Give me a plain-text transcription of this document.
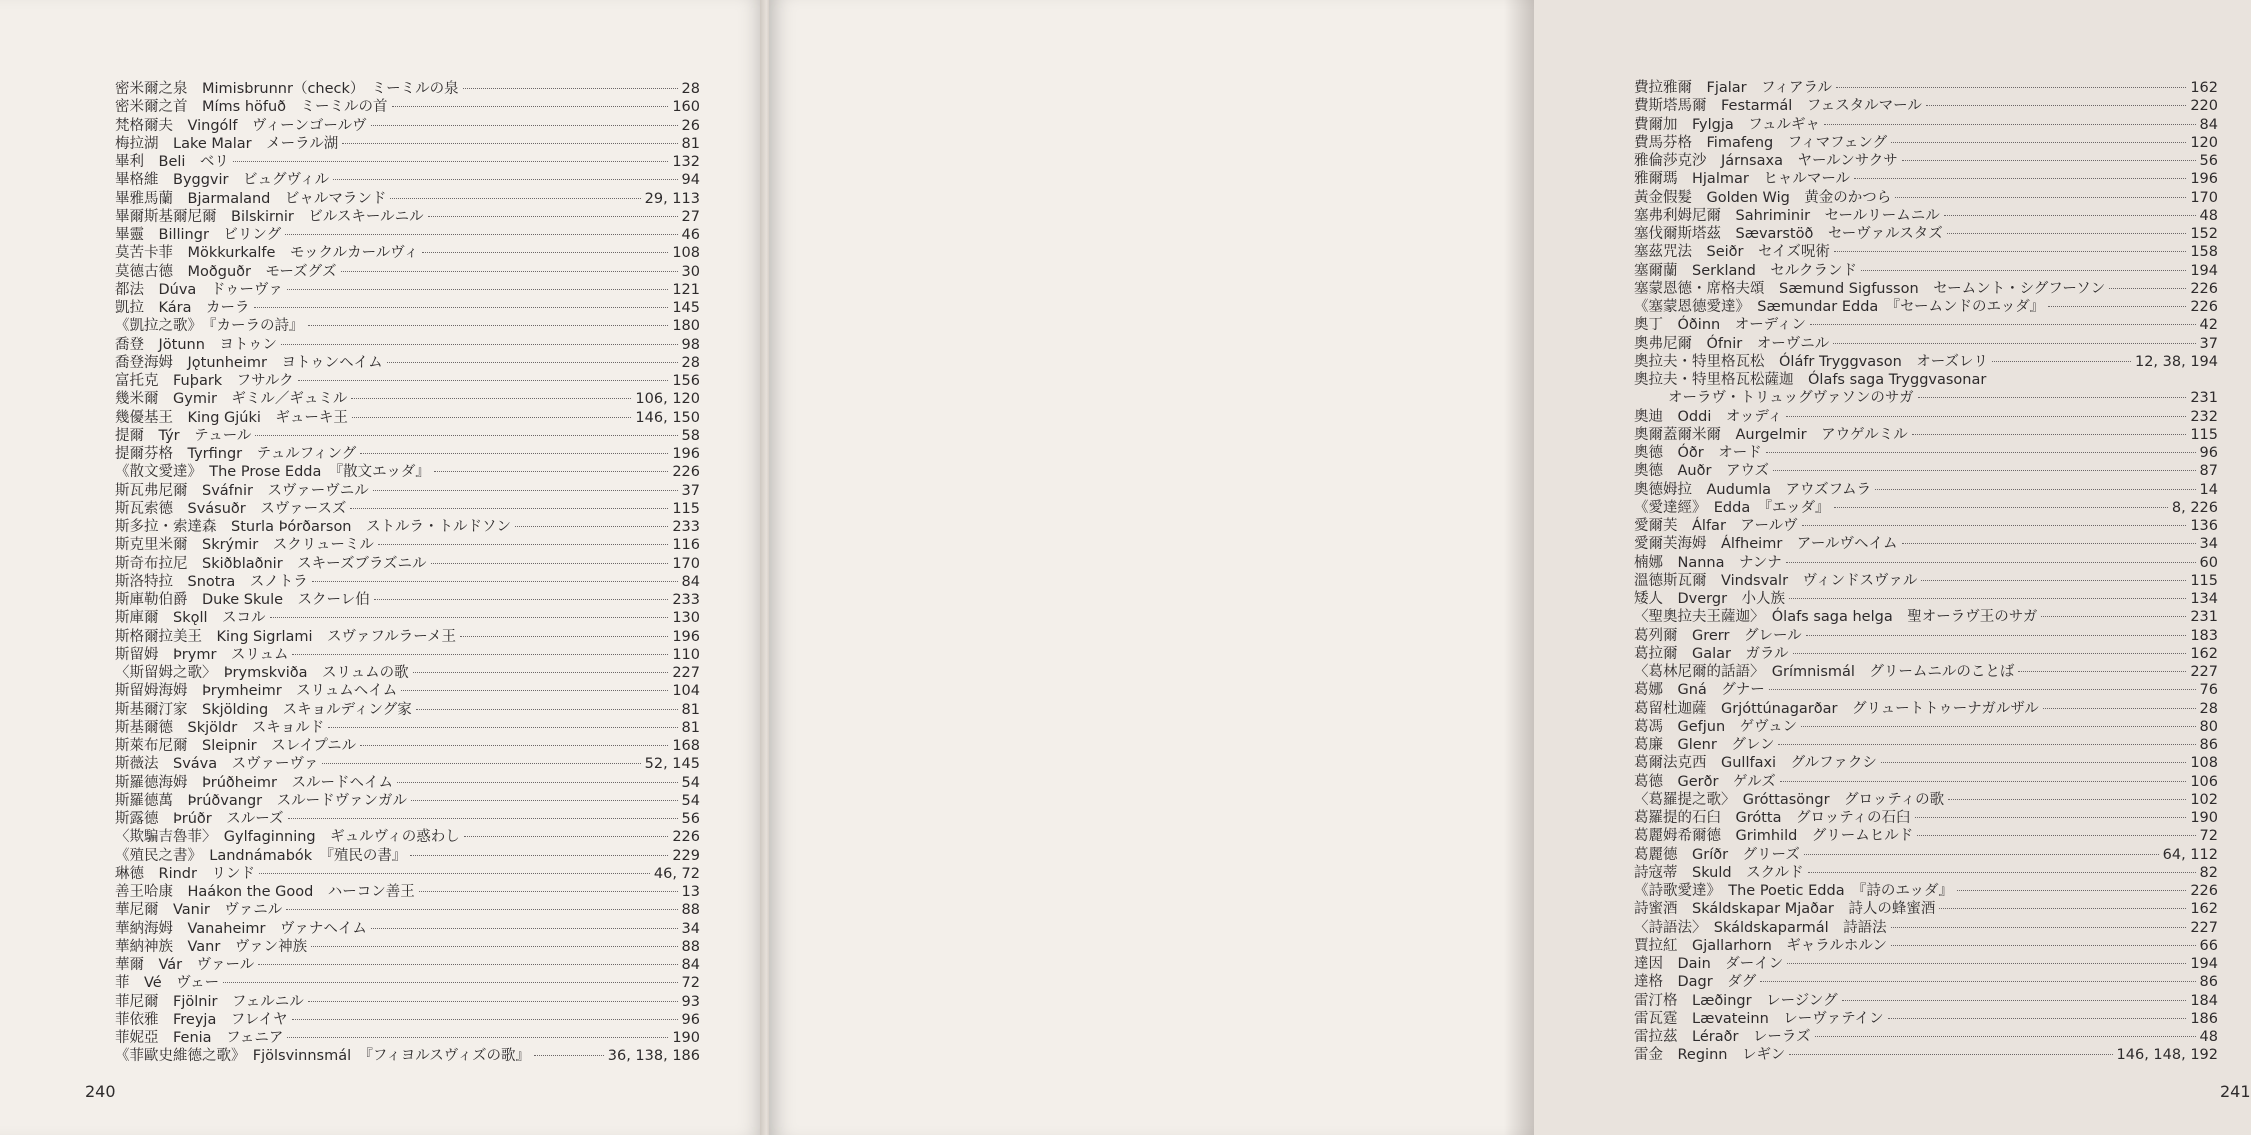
密米爾之泉　Mimisbrunnr（check）　ミーミルの泉	28
密米爾之首　Míms höfuð　ミーミルの首	160
梵格爾夫　Vingólf　ヴィーンゴールヴ	26
梅拉湖　Lake Malar　メーラル湖	81
畢利　Beli　ベリ	132
畢格維　Byggvir　ビュグヴィル	94
畢雅馬蘭　Bjarmaland　ビャルマランド	29, 113
畢爾斯基爾尼爾　Bilskirnir　ビルスキールニル	27
畢靈　Billingr　ビリング	46
莫苦卡菲　Mökkurkalfe　モックルカールヴィ	108
莫德古德　Moðguðr　モーズグズ	30
都法　Dúva　ドゥーヴァ	121
凱拉　Kára　カーラ	145
《凱拉之歌》　『カーラの詩』	180
喬登　Jötunn　ヨトゥン	98
喬登海姆　Jǫtunheimr　ヨトゥンヘイム	28
富托克　Fuþark　フサルク	156
幾米爾　Gymir　ギミル／ギュミル	106, 120
幾優基王　King Gjúki　ギューキ王	146, 150
提爾　Týr　テュール	58
提爾芬格　Tyrfingr　テュルフィング	196
《散文愛達》　The Prose Edda　『散文エッダ』	226
斯瓦弗尼爾　Sváfnir　スヴァーヴニル	37
斯瓦索德　Svásuðr　スヴァースズ	115
斯多拉・索達森　Sturla Þórðarson　ストルラ・トルドソン	233
斯克里米爾　Skrýmir　スクリューミル	116
斯奇布拉尼　Skiðblaðnir　スキーズブラズニル	170
斯洛特拉　Snotra　スノトラ	84
斯庫勒伯爵　Duke Skule　スクーレ伯	233
斯庫爾　Skǫll　スコル	130
斯格爾拉美王　King Sigrlami　スヴァフルラーメ王	196
斯留姆　Þrymr　スリュム	110
〈斯留姆之歌〉　Þrymskviða　スリュムの歌	227
斯留姆海姆　Þrymheimr　スリュムヘイム	104
斯基爾汀家　Skjölding　スキョルディング家	81
斯基爾德　Skjöldr　スキョルド	81
斯萊布尼爾　Sleipnir　スレイプニル	168
斯薇法　Sváva　スヴァーヴァ	52, 145
斯羅德海姆　Þrúðheimr　スルードヘイム	54
斯羅德萬　Þrúðvangr　スルードヴァンガル	54
斯露德　Þrúðr　スルーズ	56
〈欺騙吉魯菲〉　Gylfaginning　ギュルヴィの惑わし	226
《殖民之書》　Landnámabók　『殖民の書』	229
琳德　Rindr　リンド	46, 72
善王哈康　Haákon the Good　ハーコン善王	13
華尼爾　Vanir　ヴァニル	88
華納海姆　Vanaheimr　ヴァナヘイム	34
華納神族　Vanr　ヴァン神族	88
華爾　Vár　ヴァール	84
菲　Vé　ヴェー	72
菲尼爾　Fjölnir　フェルニル	93
菲依雅　Freyja　フレイヤ	96
菲妮亞　Fenia　フェニア	190
《菲歐史維德之歌》　Fjölsvinnsmál　『フィヨルスヴィズの歌』	36, 138, 186
240
費拉雅爾　Fjalar　フィアラル	162
費斯塔馬爾　Festarmál　フェスタルマール	220
費爾加　Fylgja　フュルギャ	84
費馬芬格　Fimafeng　フィマフェング	120
雅倫莎克沙　Járnsaxa　ヤールンサクサ	56
雅爾瑪　Hjalmar　ヒャルマール	196
黃金假髮　Golden Wig　黄金のかつら	170
塞弗利姆尼爾　Sahriminir　セールリームニル	48
塞伐爾斯塔茲　Sævarstöð　セーヴァルスタズ	152
塞茲咒法　Seiðr　セイズ呪術	158
塞爾蘭　Serkland　セルクランド	194
塞蒙恩德・席格夫頌　Sæmund Sigfusson　セームント・シグフーソン	226
《塞蒙恩德愛達》　Sæmundar Edda　『セームンドのエッダ』	226
奧丁　Óðinn　オーディン	42
奧弗尼爾　Ófnir　オーヴニル	37
奧拉夫・特里格瓦松　Óláfr Tryggvason　オーズレリ	12, 38, 194
奧拉夫・特里格瓦松薩迦　Ólafs saga Tryggvasonar
オーラヴ・トリュッグヴァソンのサガ	231
奧迪　Oddi　オッディ	232
奧爾蓋爾米爾　Aurgelmir　アウゲルミル	115
奧德　Óðr　オード	96
奧德　Auðr　アウズ	87
奧德姆拉　Audumla　アウズフムラ	14
《愛達經》　Edda　『エッダ』	8, 226
愛爾芙　Álfar　アールヴ	136
愛爾芙海姆　Álfheimr　アールヴヘイム	34
楠娜　Nanna　ナンナ	60
溫德斯瓦爾　Vindsvalr　ヴィンドスヴァル	115
矮人　Dvergr　小人族	134
〈聖奧拉夫王薩迦〉　Ólafs saga helga　聖オーラヴ王のサガ	231
葛列爾　Grerr　グレール	183
葛拉爾　Galar　ガラル	162
〈葛林尼爾的話語〉　Grímnismál　グリームニルのことば	227
葛娜　Gná　グナー	76
葛留杜迦薩　Grjóttúnagarðar　グリュートトゥーナガルザル	28
葛馮　Gefjun　ゲヴュン	80
葛廉　Glenr　グレン	86
葛爾法克西　Gullfaxi　グルファクシ	108
葛德　Gerðr　ゲルズ	106
〈葛羅提之歌〉　Gróttasöngr　グロッティの歌	102
葛羅提的石臼　Grótta　グロッティの石臼	190
葛麗姆希爾德　Grimhild　グリームヒルド	72
葛麗德　Gríðr　グリーズ	64, 112
詩寇蒂　Skuld　スクルド	82
《詩歌愛達》　The Poetic Edda　『詩のエッダ』	226
詩蜜酒　Skáldskapar Mjaðar　詩人の蜂蜜酒	162
〈詩語法〉　Skáldskaparmál　詩語法	227
賈拉紅　Gjallarhorn　ギャラルホルン	66
達因　Dain　ダーイン	194
達格　Dagr　ダグ	86
雷汀格　Læðingr　レージング	184
雷瓦霆　Lævateinn　レーヴァテイン	186
雷拉茲　Léraðr　レーラズ	48
雷金　Reginn　レギン	146, 148, 192
241
